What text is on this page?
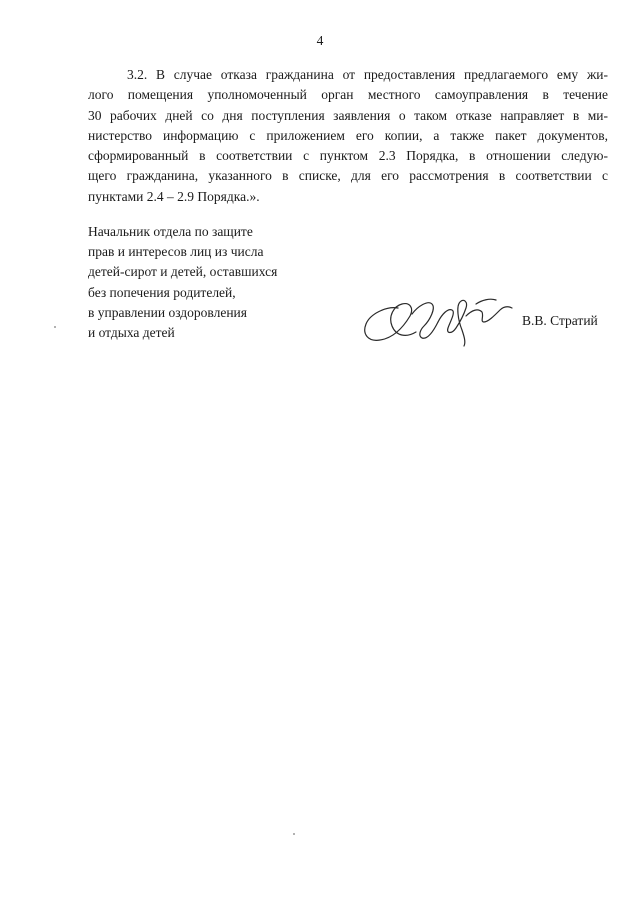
4

3.2. В случае отказа гражданина от предоставления предлагаемого ему жи-
лого помещения уполномоченный орган местного самоуправления в течение
30 рабочих дней со дня поступления заявления о таком отказе направляет в ми-
нистерство информацию с приложением его копии, а также пакет документов,
сформированный в соответствии с пунктом 2.3 Порядка, в отношении следую-
щего гражданина, указанного в списке, для его рассмотрения в соответствии с
пунктами 2.4 – 2.9 Порядка.».

Начальник отдела по защите
прав и интересов лиц из числа
детей-сирот и детей, оставшихся
без попечения родителей,
в управлении оздоровления
и отдыха детей
В.В. Стратий
